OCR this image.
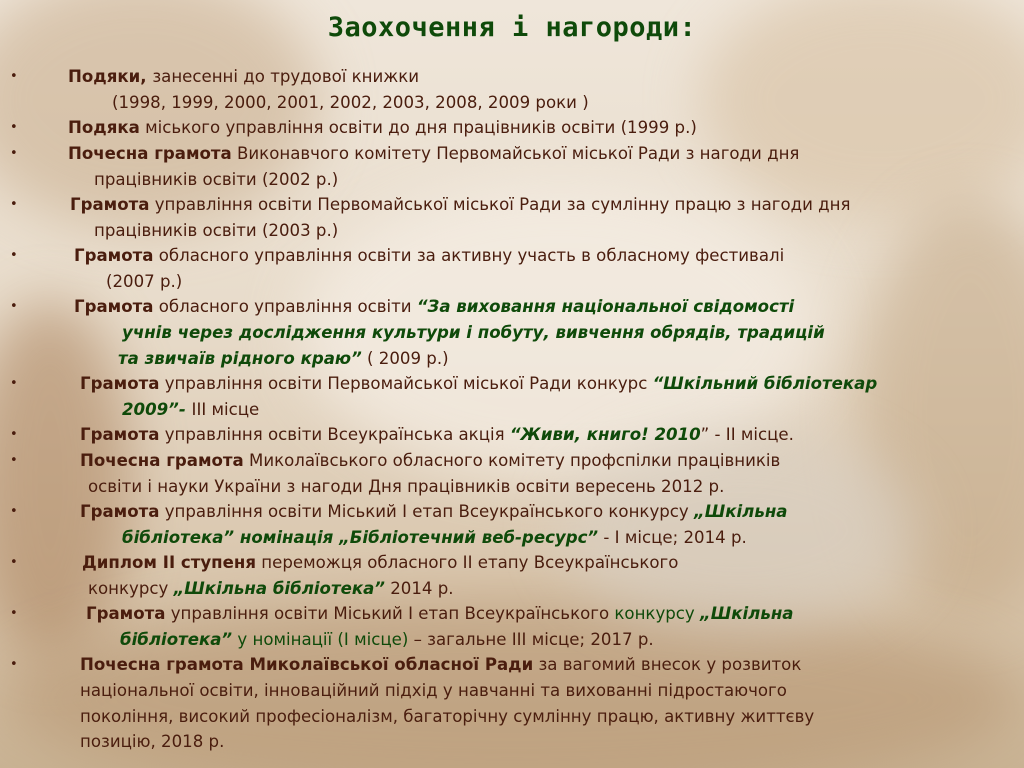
Заохочення і нагороди:
•	Подяки, занесенні до трудової книжки
(1998, 1999, 2000, 2001, 2002, 2003, 2008, 2009 роки )
•	Подяка міського управління освіти до дня працівників освіти (1999 р.)
•	Почесна грамота Виконавчого комітету Первомайської міської Ради з нагоди дня
працівників освіти (2002 р.)
•	Грамота управління освіти Первомайської міської Ради за сумлінну працю з нагоди дня
працівників освіти (2003 р.)
•	Грамота обласного управління освіти за активну участь в обласному фестивалі
(2007 р.)
•	Грамота обласного управління освіти “За виховання національної свідомості
учнів через дослідження культури і побуту, вивчення обрядів, традицій
та звичаїв рідного краю” ( 2009 р.)
•	Грамота управління освіти Первомайської міської Ради конкурс “Шкільний бібліотекар
2009”- ІІІ місце
•	Грамота управління освіти Всеукраїнська акція “Живи, книго! 2010” - ІІ місце.
•	Почесна грамота Миколаївського обласного комітету профспілки працівників
освіти і науки України з нагоди Дня працівників освіти вересень 2012 р.
•	Грамота управління освіти Міський І етап Всеукраїнського конкурсу „Шкільна
бібліотека” номінація „Бібліотечний веб-ресурс” - І місце; 2014 р.
•	Диплом ІІ ступеня переможця обласного ІІ етапу Всеукраїнського
конкурсу „Шкільна бібліотека” 2014 р.
•	Грамота управління освіти Міський І етап Всеукраїнського конкурсу „Шкільна
бібліотека” у номінації (І місце) – загальне ІІІ місце; 2017 р.
•	Почесна грамота Миколаївської обласної Ради за вагомий внесок у розвиток
національної освіти, інноваційний підхід у навчанні та вихованні підростаючого
покоління, високий професіоналізм, багаторічну сумлінну працю, активну життєву
позицію, 2018 р.
